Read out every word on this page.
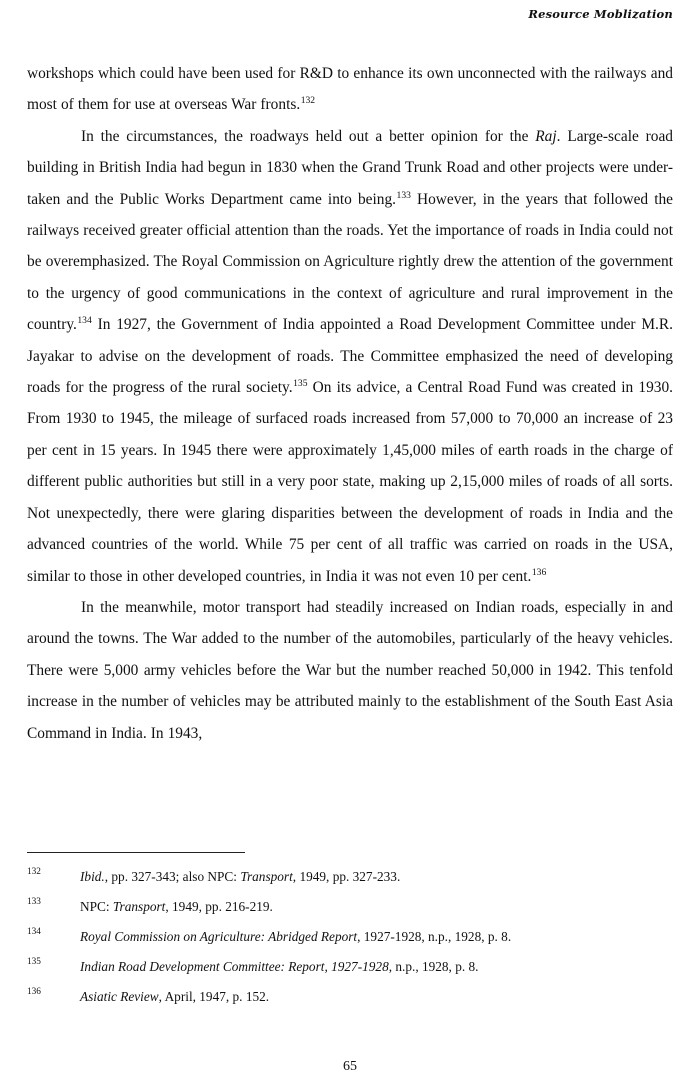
Resource Moblization

workshops which could have been used for R&D to enhance its own unconnected with the railways and most of them for use at overseas War fronts.$^{132}$

In the circumstances, the roadways held out a better opinion for the Raj. Large-scale road building in British India had begun in 1830 when the Grand Trunk Road and other projects were under-taken and the Public Works Department came into being.$^{133}$ However, in the years that followed the railways received greater official attention than the roads. Yet the importance of roads in India could not be overemphasized. The Royal Commission on Agriculture rightly drew the attention of the government to the urgency of good communications in the context of agriculture and rural improvement in the country.$^{134}$ In 1927, the Government of India appointed a Road Development Committee under M.R. Jayakar to advise on the development of roads. The Committee emphasized the need of developing roads for the progress of the rural society.$^{135}$ On its advice, a Central Road Fund was created in 1930. From 1930 to 1945, the mileage of surfaced roads increased from 57,000 to 70,000 an increase of 23 per cent in 15 years. In 1945 there were approximately 1,45,000 miles of earth roads in the charge of different public authorities but still in a very poor state, making up 2,15,000 miles of roads of all sorts. Not unexpectedly, there were glaring disparities between the development of roads in India and the advanced countries of the world. While 75 per cent of all traffic was carried on roads in the USA, similar to those in other developed countries, in India it was not even 10 per cent.$^{136}$

In the meanwhile, motor transport had steadily increased on Indian roads, especially in and around the towns. The War added to the number of the automobiles, particularly of the heavy vehicles. There were 5,000 army vehicles before the War but the number reached 50,000 in 1942. This tenfold increase in the number of vehicles may be attributed mainly to the establishment of the South East Asia Command in India. In 1943,

132	Ibid., pp. 327-343; also NPC: Transport, 1949, pp. 327-233.
133	NPC: Transport, 1949, pp. 216-219.
134	Royal Commission on Agriculture: Abridged Report, 1927-1928, n.p., 1928, p. 8.
135	Indian Road Development Committee: Report, 1927-1928, n.p., 1928, p. 8.
136	Asiatic Review, April, 1947, p. 152.
65
